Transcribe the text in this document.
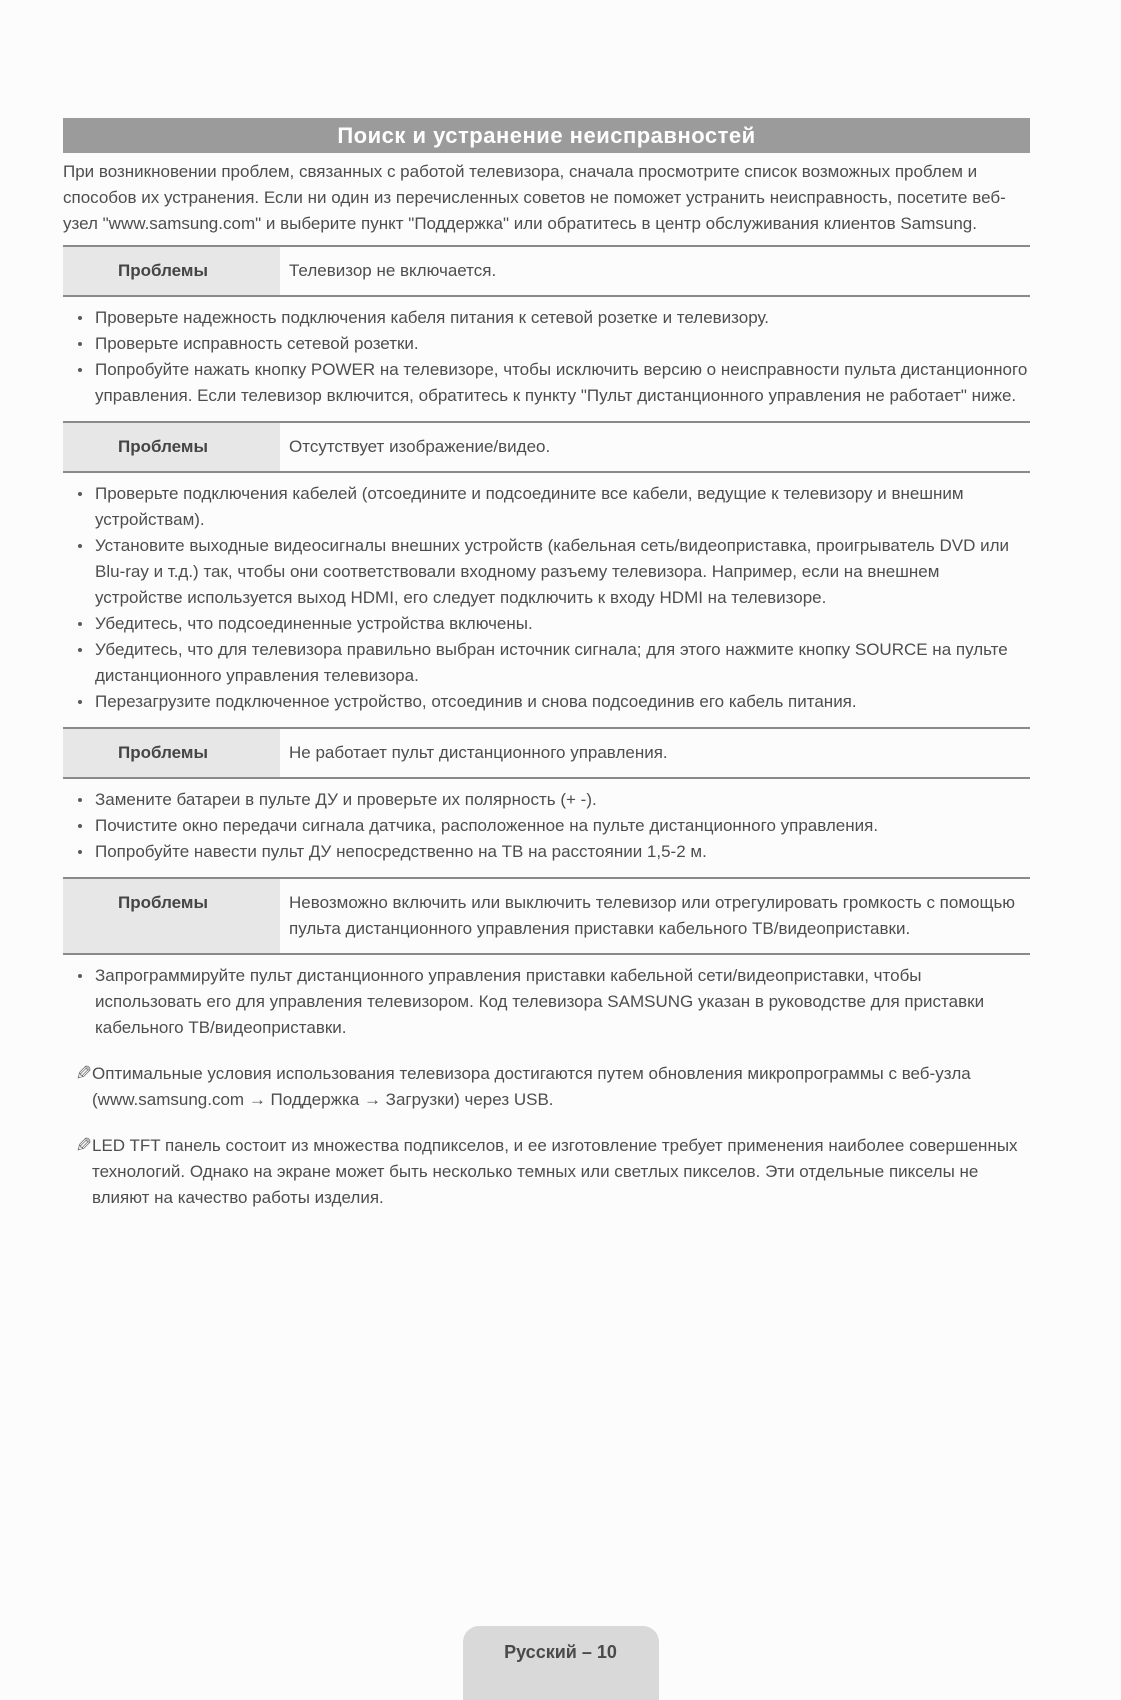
Поиск и устранение неисправностей

При возникновении проблем, связанных с работой телевизора, сначала просмотрите список возможных проблем и способов их устранения. Если ни один из перечисленных советов не поможет устранить неисправность, посетите веб-узел "www.samsung.com" и выберите пункт "Поддержка" или обратитесь в центр обслуживания клиентов Samsung.

Проблемы	Телевизор не включается.
Проверьте надежность подключения кабеля питания к сетевой розетке и телевизору.
Проверьте исправность сетевой розетки.
Попробуйте нажать кнопку POWER на телевизоре, чтобы исключить версию о неисправности пульта дистанционного управления. Если телевизор включится, обратитесь к пункту "Пульт дистанционного управления не работает" ниже.
Проблемы	Отсутствует изображение/видео.
Проверьте подключения кабелей (отсоедините и подсоедините все кабели, ведущие к телевизору и внешним устройствам).
Установите выходные видеосигналы внешних устройств (кабельная сеть/видеоприставка, проигрыватель DVD или Blu-ray и т.д.) так, чтобы они соответствовали входному разъему телевизора. Например, если на внешнем устройстве используется выход HDMI, его следует подключить к входу HDMI на телевизоре.
Убедитесь, что подсоединенные устройства включены.
Убедитесь, что для телевизора правильно выбран источник сигнала; для этого нажмите кнопку SOURCE на пульте дистанционного управления телевизора.
Перезагрузите подключенное устройство, отсоединив и снова подсоединив его кабель питания.
Проблемы	Не работает пульт дистанционного управления.
Замените батареи в пульте ДУ и проверьте их полярность (+ -).
Почистите окно передачи сигнала датчика, расположенное на пульте дистанционного управления.
Попробуйте навести пульт ДУ непосредственно на ТВ на расстоянии 1,5-2 м.
Проблемы	Невозможно включить или выключить телевизор или отрегулировать громкость с помощью пульта дистанционного управления приставки кабельного ТВ/видеоприставки.
Запрограммируйте пульт дистанционного управления приставки кабельной сети/видеоприставки, чтобы использовать его для управления телевизором. Код телевизора SAMSUNG указан в руководстве для приставки кабельного ТВ/видеоприставки.
✎ Оптимальные условия использования телевизора достигаются путем обновления микропрограммы с веб-узла (www.samsung.com → Поддержка → Загрузки) через USB.

✎ LED TFT панель состоит из множества подпикселов, и ее изготовление требует применения наиболее совершенных технологий. Однако на экране может быть несколько темных или светлых пикселов. Эти отдельные пикселы не влияют на качество работы изделия.

Русский – 10
